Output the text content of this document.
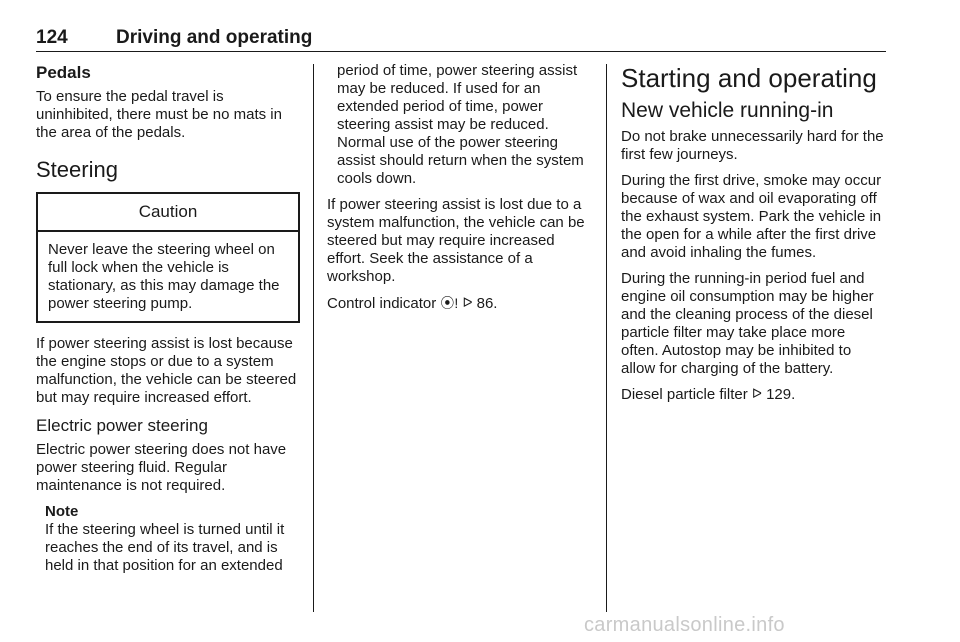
124	Driving and operating
Pedals

To ensure the pedal travel is uninhibited, there must be no mats in the area of the pedals.

Steering
Caution
Never leave the steering wheel on full lock when the vehicle is stationary, as this may damage the power steering pump.

If power steering assist is lost because the engine stops or due to a system malfunction, the vehicle can be steered but may require increased effort.

Electric power steering

Electric power steering does not have power steering fluid. Regular maintenance is not required.

Note
If the steering wheel is turned until it reaches the end of its travel, and is held in that position for an extended

period of time, power steering assist may be reduced. If used for an extended period of time, power steering assist may be reduced. Normal use of the power steering assist should return when the system cools down.

If power steering assist is lost due to a system malfunction, the vehicle can be steered but may require increased effort. Seek the assistance of a workshop.

Control indicator ⦿! ᐅ 86.

Starting and operating
New vehicle running-in

Do not brake unnecessarily hard for the first few journeys.

During the first drive, smoke may occur because of wax and oil evaporating off the exhaust system. Park the vehicle in the open for a while after the first drive and avoid inhaling the fumes.

During the running-in period fuel and engine oil consumption may be higher and the cleaning process of the diesel particle filter may take place more often. Autostop may be inhibited to allow for charging of the battery.

Diesel particle filter ᐅ 129.

carmanualsonline.info
